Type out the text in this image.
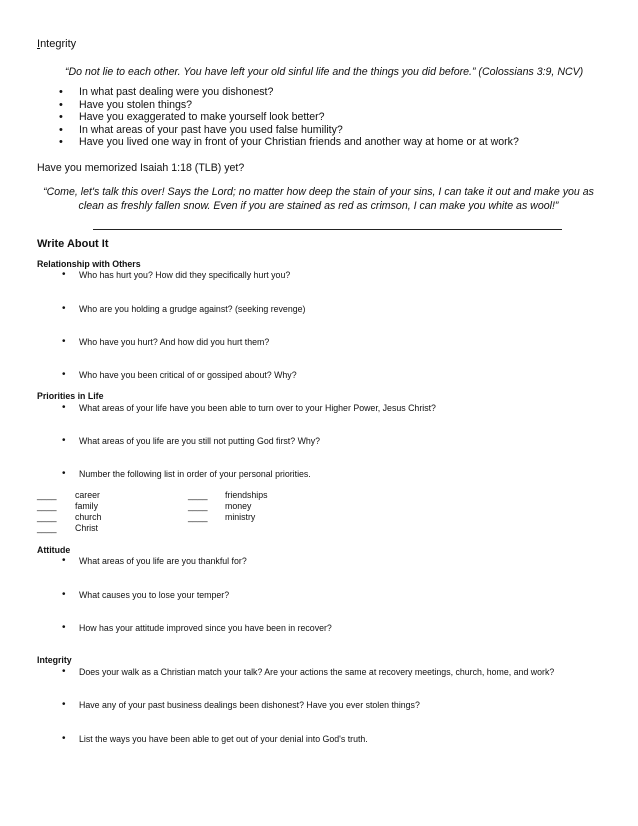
Integrity
“Do not lie to each other. You have left your old sinful life and the things you did before.” (Colossians 3:9, NCV)
• In what past dealing were you dishonest?
• Have you stolen things?
• Have you exaggerated to make yourself look better?
• In what areas of your past have you used false humility?
• Have you lived one way in front of your Christian friends and another way at home or at work?
Have you memorized Isaiah 1:18 (TLB) yet?
“Come, let's talk this over! Says the Lord; no matter how deep the stain of your sins, I can take it out and make you as
clean as freshly fallen snow. Even if you are stained as red as crimson, I can make you white as wool!”
Write About It
Relationship with Others
• Who has hurt you? How did they specifically hurt you?
• Who are you holding a grudge against? (seeking revenge)
• Who have you hurt? And how did you hurt them?
• Who have you been critical of or gossiped about? Why?
Priorities in Life
• What areas of your life have you been able to turn over to your Higher Power, Jesus Christ?
• What areas of you life are you still not putting God first? Why?
• Number the following list in order of your personal priorities.
____ career
____ family
____ church
____ Christ
____ friendships
____ money
____ ministry
Attitude
• What areas of you life are you thankful for?
• What causes you to lose your temper?
• How has your attitude improved since you have been in recover?
Integrity
• Does your walk as a Christian match your talk? Are your actions the same at recovery meetings, church, home, and work?
• Have any of your past business dealings been dishonest? Have you ever stolen things?
• List the ways you have been able to get out of your denial into God's truth.
